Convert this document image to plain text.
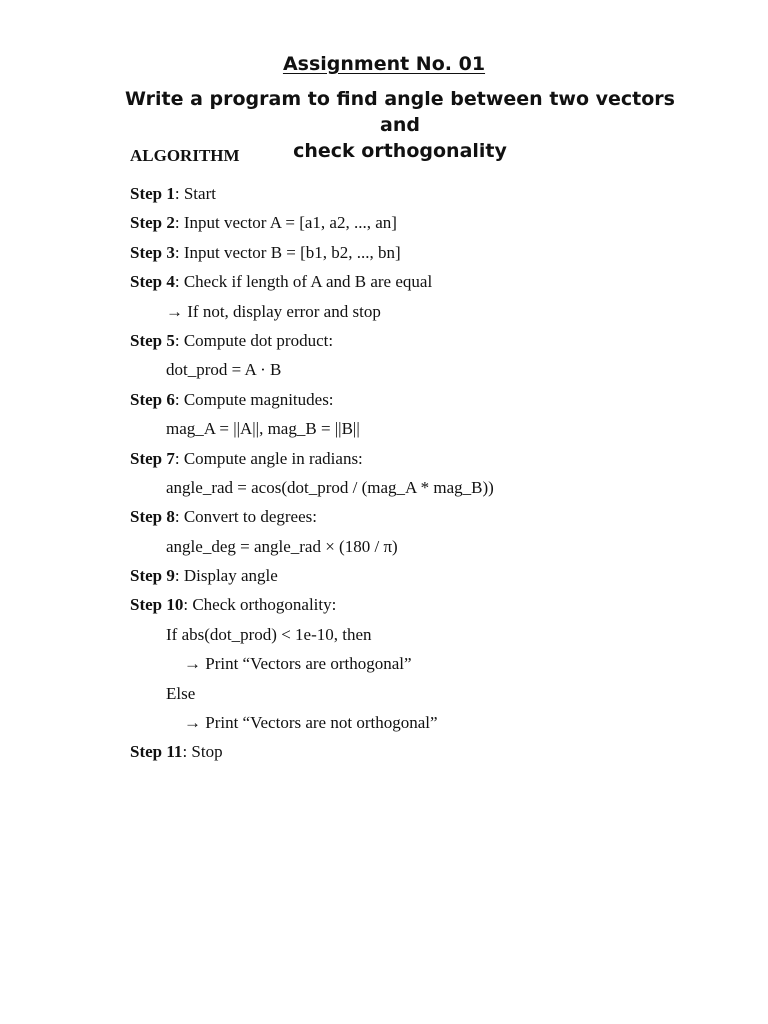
Assignment No. 01
Write a program to find angle between two vectors and
check orthogonality
ALGORITHM
Step 1: Start
Step 2: Input vector A = [a1, a2, ..., an]
Step 3: Input vector B = [b1, b2, ..., bn]
Step 4: Check if length of A and B are equal
→ If not, display error and stop
Step 5: Compute dot product:
dot_prod = A · B
Step 6: Compute magnitudes:
mag_A = ||A||, mag_B = ||B||
Step 7: Compute angle in radians:
angle_rad = acos(dot_prod / (mag_A * mag_B))
Step 8: Convert to degrees:
angle_deg = angle_rad × (180 / π)
Step 9: Display angle
Step 10: Check orthogonality:
If abs(dot_prod) < 1e-10, then
→ Print “Vectors are orthogonal”
Else
→ Print “Vectors are not orthogonal”
Step 11: Stop
